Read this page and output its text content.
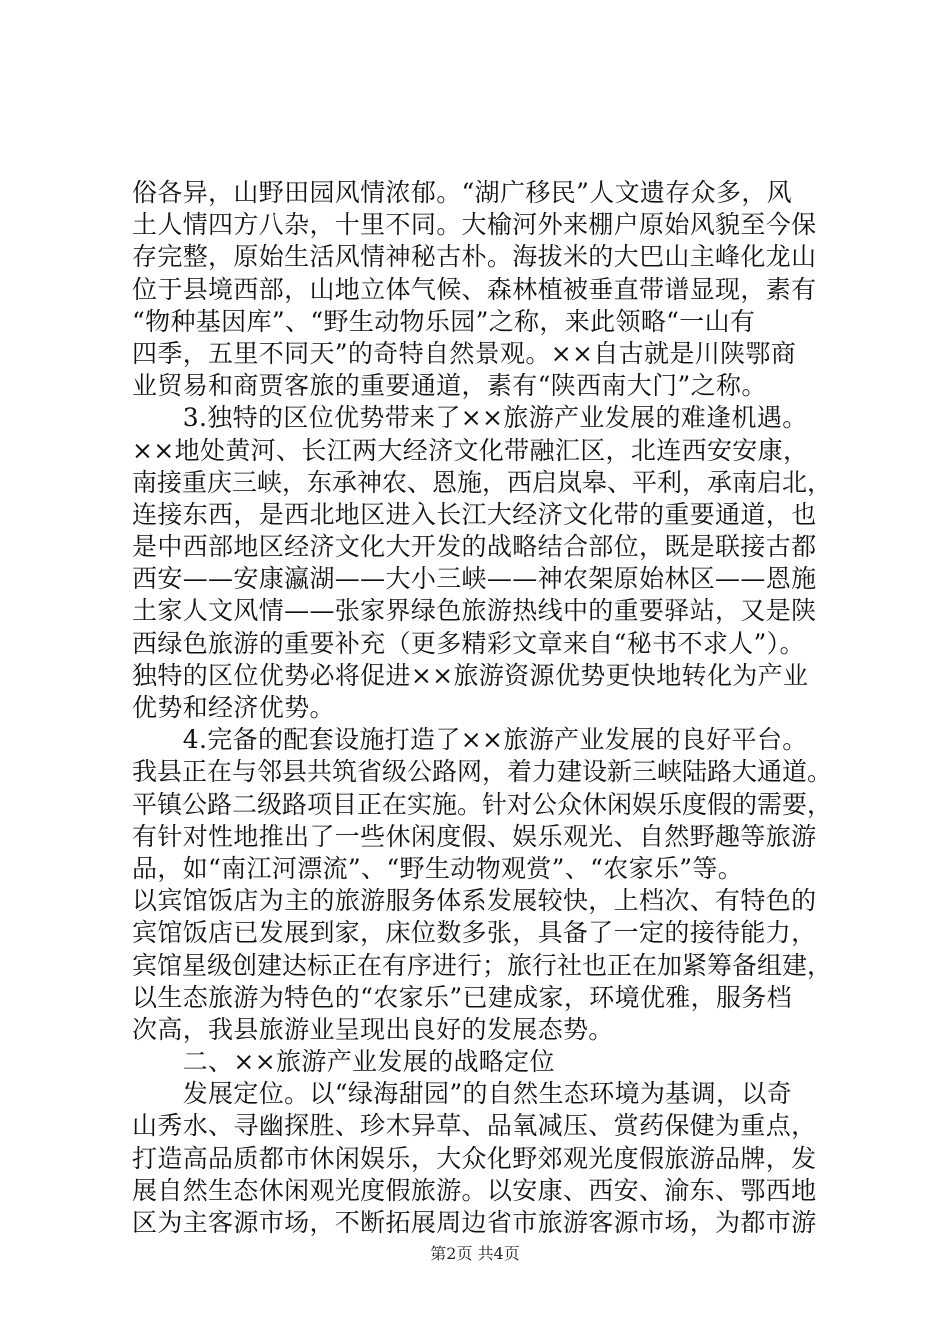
俗各异，山野田园风情浓郁。“湖广移民”人文遗存众多，风
土人情四方八杂，十里不同。大榆河外来棚户原始风貌至今保
存完整，原始生活风情神秘古朴。海拔米的大巴山主峰化龙山
位于县境西部，山地立体气候、森林植被垂直带谱显现，素有
“物种基因库”、“野生动物乐园”之称，来此领略“一山有
四季，五里不同天”的奇特自然景观。××自古就是川陕鄂商
业贸易和商贾客旅的重要通道，素有“陕西南大门”之称。
　　3.独特的区位优势带来了××旅游产业发展的难逢机遇。
××地处黄河、长江两大经济文化带融汇区，北连西安安康，
南接重庆三峡，东承神农、恩施，西启岚皋、平利，承南启北，
连接东西，是西北地区进入长江大经济文化带的重要通道，也
是中西部地区经济文化大开发的战略结合部位，既是联接古都
西安——安康瀛湖——大小三峡——神农架原始林区——恩施
土家人文风情——张家界绿色旅游热线中的重要驿站，又是陕
西绿色旅游的重要补充（更多精彩文章来自“秘书不求人”）。
独特的区位优势必将促进××旅游资源优势更快地转化为产业
优势和经济优势。
　　4.完备的配套设施打造了××旅游产业发展的良好平台。
我县正在与邻县共筑省级公路网，着力建设新三峡陆路大通道。
平镇公路二级路项目正在实施。针对公众休闲娱乐度假的需要，
有针对性地推出了一些休闲度假、娱乐观光、自然野趣等旅游
品，如“南江河漂流”、“野生动物观赏”、“农家乐”等。
以宾馆饭店为主的旅游服务体系发展较快，上档次、有特色的
宾馆饭店已发展到家，床位数多张，具备了一定的接待能力，
宾馆星级创建达标正在有序进行；旅行社也正在加紧筹备组建，
以生态旅游为特色的“农家乐”已建成家，环境优雅，服务档
次高，我县旅游业呈现出良好的发展态势。
　　二、××旅游产业发展的战略定位
　　发展定位。以“绿海甜园”的自然生态环境为基调，以奇
山秀水、寻幽探胜、珍木异草、品氧减压、赏药保健为重点，
打造高品质都市休闲娱乐，大众化野郊观光度假旅游品牌，发
展自然生态休闲观光度假旅游。以安康、西安、渝东、鄂西地
区为主客源市场，不断拓展周边省市旅游客源市场，为都市游
第2页 共4页
